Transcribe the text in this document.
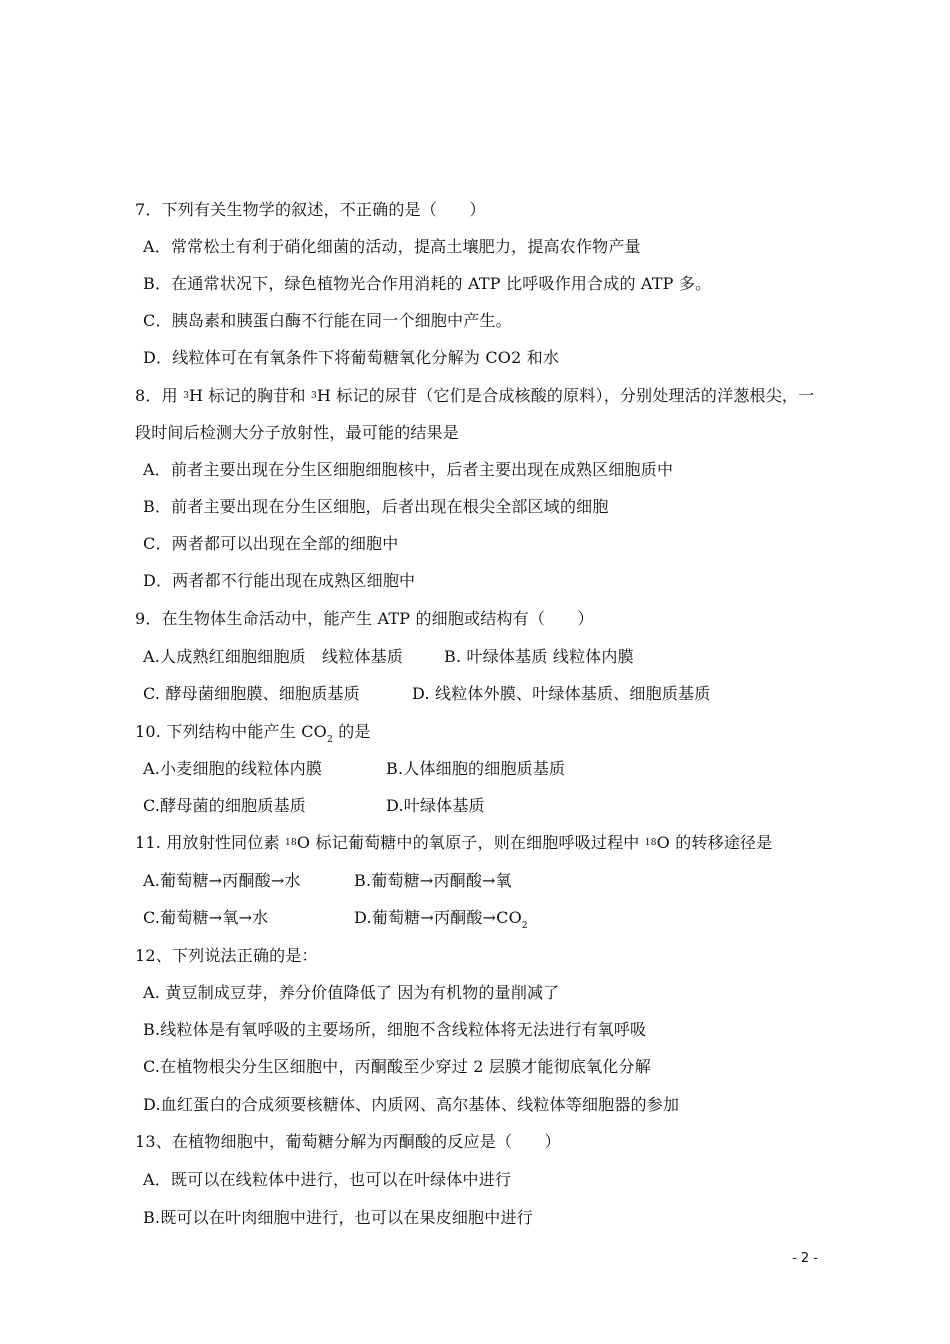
7．下列有关生物学的叙述，不正确的是（　　）
A．常常松土有利于硝化细菌的活动，提高土壤肥力，提高农作物产量
B．在通常状况下，绿色植物光合作用消耗的 ATP 比呼吸作用合成的 ATP 多。
C．胰岛素和胰蛋白酶不行能在同一个细胞中产生。
D．线粒体可在有氧条件下将葡萄糖氧化分解为 CO2 和水
8．用 $^3$H 标记的胸苷和 $^3$H 标记的尿苷（它们是合成核酸的原料），分别处理活的洋葱根尖，一
段时间后检测大分子放射性，最可能的结果是
A．前者主要出现在分生区细胞细胞核中，后者主要出现在成熟区细胞质中
B．前者主要出现在分生区细胞，后者出现在根尖全部区域的细胞
C．两者都可以出现在全部的细胞中
D．两者都不行能出现在成熟区细胞中
9．在生物体生命活动中，能产生 ATP 的细胞或结构有（　　）
A.人成熟红细胞细胞质　线粒体基质	B. 叶绿体基质 线粒体内膜
C. 酵母菌细胞膜、细胞质基质	D. 线粒体外膜、叶绿体基质、细胞质基质
10. 下列结构中能产生 $CO_2$ 的是
A.小麦细胞的线粒体内膜	B.人体细胞的细胞质基质
C.酵母菌的细胞质基质	D.叶绿体基质
11. 用放射性同位素 $^{18}$O 标记葡萄糖中的氧原子，则在细胞呼吸过程中 $^{18}$O 的转移途径是
A.葡萄糖→丙酮酸→水	B.葡萄糖→丙酮酸→氧
C.葡萄糖→氧→水	D.葡萄糖→丙酮酸$\to CO_2$
12、下列说法正确的是：
A. 黄豆制成豆芽，养分价值降低了 因为有机物的量削减了
B.线粒体是有氧呼吸的主要场所，细胞不含线粒体将无法进行有氧呼吸
C.在植物根尖分生区细胞中，丙酮酸至少穿过 2 层膜才能彻底氧化分解
D.血红蛋白的合成须要核糖体、内质网、高尔基体、线粒体等细胞器的参加
13、在植物细胞中，葡萄糖分解为丙酮酸的反应是（　　）
A．既可以在线粒体中进行，也可以在叶绿体中进行
B.既可以在叶肉细胞中进行，也可以在果皮细胞中进行
- 2 -
